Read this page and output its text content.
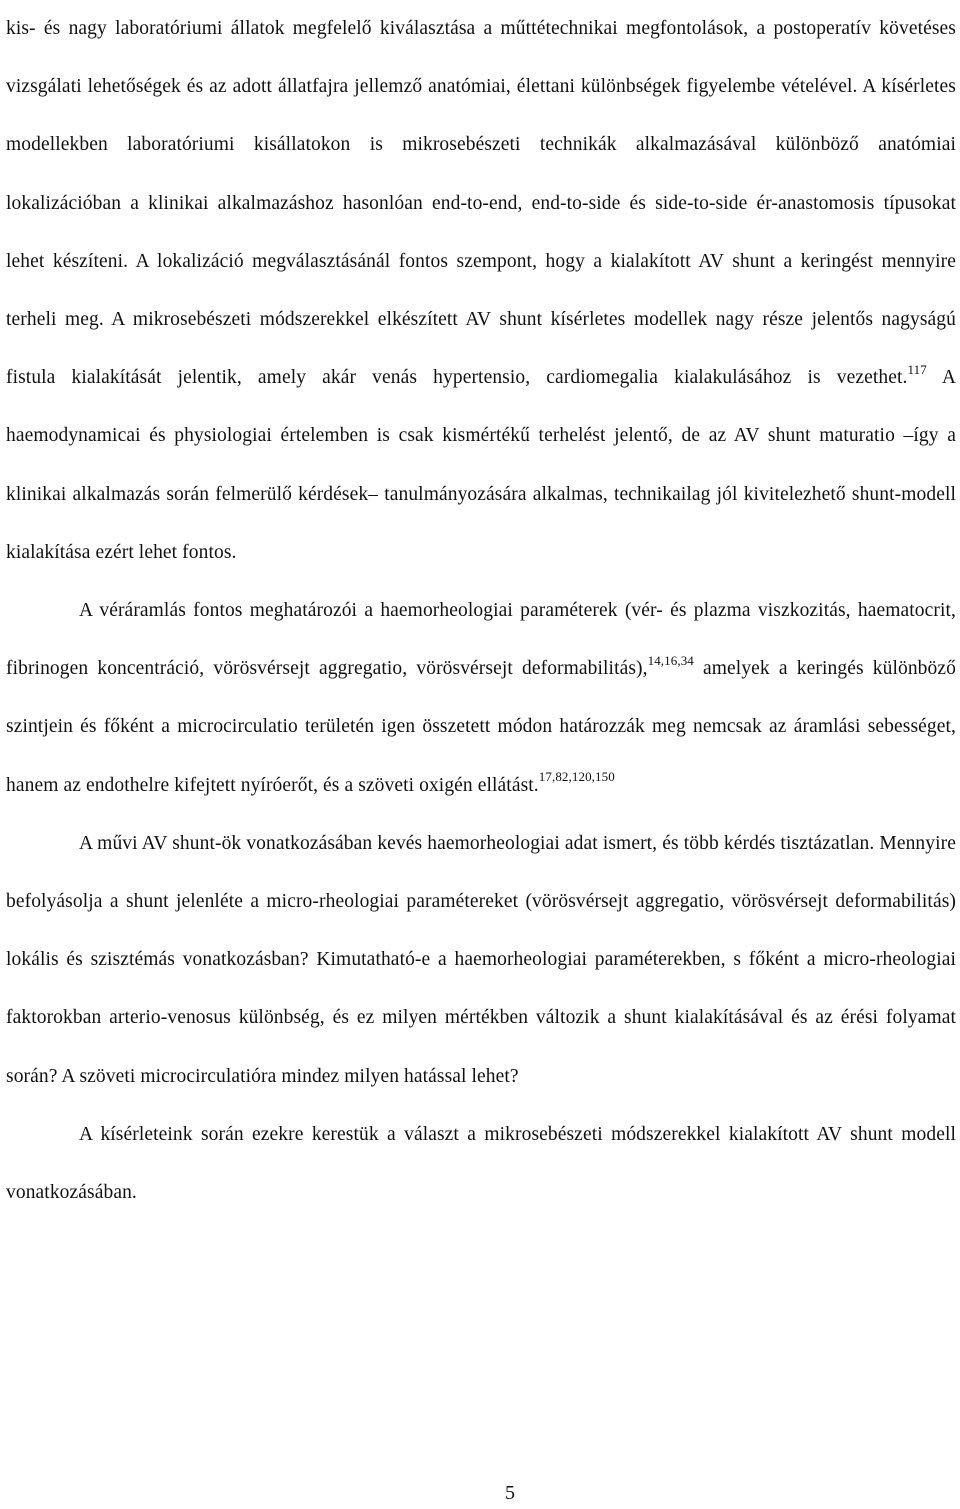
kis- és nagy laboratóriumi állatok megfelelő kiválasztása a műttétechnikai megfontolások, a postoperatív követéses vizsgálati lehetőségek és az adott állatfajra jellemző anatómiai, élettani különbségek figyelembe vételével. A kísérletes modellekben laboratóriumi kisállatokon is mikrosebészeti technikák alkalmazásával különböző anatómiai lokalizációban a klinikai alkalmazáshoz hasonlóan end-to-end, end-to-side és side-to-side ér-anastomosis típusokat lehet készíteni. A lokalizáció megválasztásánál fontos szempont, hogy a kialakított AV shunt a keringést mennyire terheli meg. A mikrosebészeti módszerekkel elkészített AV shunt kísérletes modellek nagy része jelentős nagyságú fistula kialakítását jelentik, amely akár venás hypertensio, cardiomegalia kialakulásához is vezethet.$^{117}$ A haemodynamicai és physiologiai értelemben is csak kismértékű terhelést jelentő, de az AV shunt maturatio –így a klinikai alkalmazás során felmerülő kérdések– tanulmányozására alkalmas, technikailag jól kivitelezhető shunt-modell kialakítása ezért lehet fontos.

A véráramlás fontos meghatározói a haemorheologiai paraméterek (vér- és plazma viszkozitás, haematocrit, fibrinogen koncentráció, vörösvérsejt aggregatio, vörösvérsejt deformabilitás),$^{14,16,34}$ amelyek a keringés különböző szintjein és főként a microcirculatio területén igen összetett módon határozzák meg nemcsak az áramlási sebességet, hanem az endothelre kifejtett nyíróerőt, és a szöveti oxigén ellátást.$^{17,82,120,150}$

A művi AV shunt-ök vonatkozásában kevés haemorheologiai adat ismert, és több kérdés tisztázatlan. Mennyire befolyásolja a shunt jelenléte a micro-rheologiai paramétereket (vörösvérsejt aggregatio, vörösvérsejt deformabilitás) lokális és szisztémás vonatkozásban? Kimutatható-e a haemorheologiai paraméterekben, s főként a micro-rheologiai faktorokban arterio-venosus különbség, és ez milyen mértékben változik a shunt kialakításával és az érési folyamat során? A szöveti microcirculatióra mindez milyen hatással lehet?

A kísérleteink során ezekre kerestük a választ a mikrosebészeti módszerekkel kialakított AV shunt modell vonatkozásában.

5
